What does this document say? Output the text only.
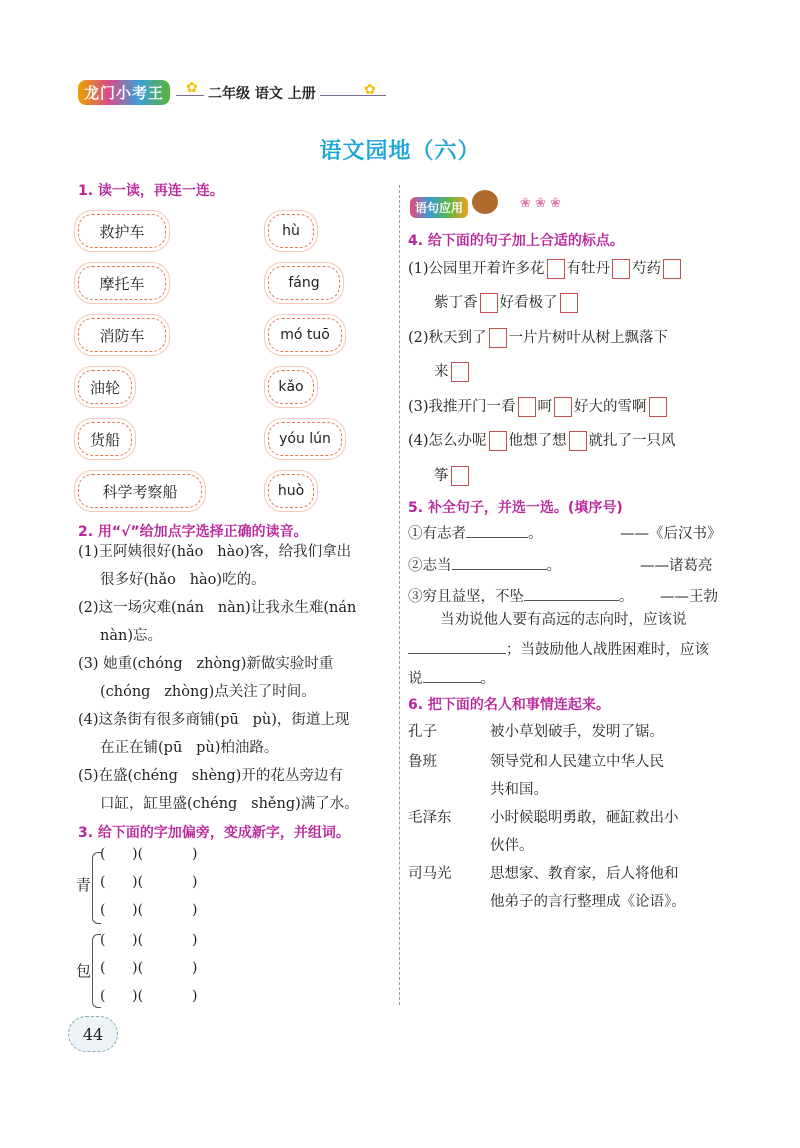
龙门小考王	二年级 语文 上册
✿	✿
语文园地（六）
1. 读一读，再连一连。
救护车
摩托车
消防车
油轮
货船
科学考察船
hù
fáng
mó tuō
kǎo
yóu lún
huò
2. 用“√”给加点字选择正确的读音。
(1)王阿姨很好(hǎo   hào)客，给我们拿出
很多好(hǎo   hào)吃的。
(2)这一场灾难(nán   nàn)让我永生难(nán
nàn)忘。
(3) 她重(chóng   zhòng)新做实验时重
(chóng   zhòng)点关注了时间。
(4)这条街有很多商铺(pū   pù)，街道上现
在正在铺(pū   pù)柏油路。
(5)在盛(chéng   shèng)开的花丛旁边有
口缸，缸里盛(chéng   shěng)满了水。
3. 给下面的字加偏旁，变成新字，并组词。
青
包
(      )(           )
(      )(           )
(      )(           )
(      )(           )
(      )(           )
(      )(           )
语句应用	❀ ❀ ❀
4. 给下面的句子加上合适的标点。
(1)公园里开着许多花 有牡丹 芍药
紫丁香 好看极了
(2)秋天到了 一片片树叶从树上飘落下
来
(3)我推开门一看 呵 好大的雪啊
(4)怎么办呢 他想了想 就扎了一只风
筝
5. 补全句子，并选一选。(填序号)
①有志者	。	——《后汉书》
②志当	。	——诸葛亮
③穷且益坚，不坠	。 ——王勃
当劝说他人要有高远的志向时，应该说
；当鼓励他人战胜困难时，应该
说	。
6. 把下面的名人和事情连起来。
孔子	被小草划破手，发明了锯。
鲁班	领导党和人民建立中华人民
共和国。
毛泽东	小时候聪明勇敢，砸缸救出小
伙伴。
司马光	思想家、教育家，后人将他和
他弟子的言行整理成《论语》。
44
